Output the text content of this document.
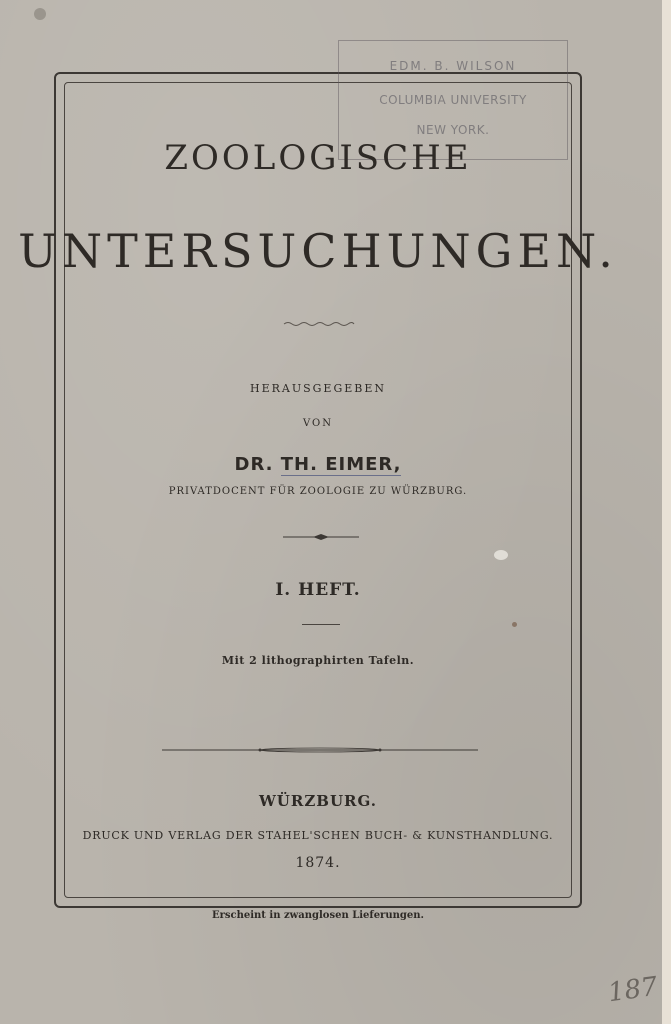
EDM. B. WILSON
COLUMBIA UNIVERSITY
NEW YORK.
ZOOLOGISCHE
UNTERSUCHUNGEN.
HERAUSGEGEBEN
VON
DR. TH. EIMER,
PRIVATDOCENT FÜR ZOOLOGIE ZU WÜRZBURG.
I. HEFT.
Mit 2 lithographirten Tafeln.
WÜRZBURG.
DRUCK UND VERLAG DER STAHEL'SCHEN BUCH- & KUNSTHANDLUNG.
1874.
Erscheint in zwanglosen Lieferungen.
187
